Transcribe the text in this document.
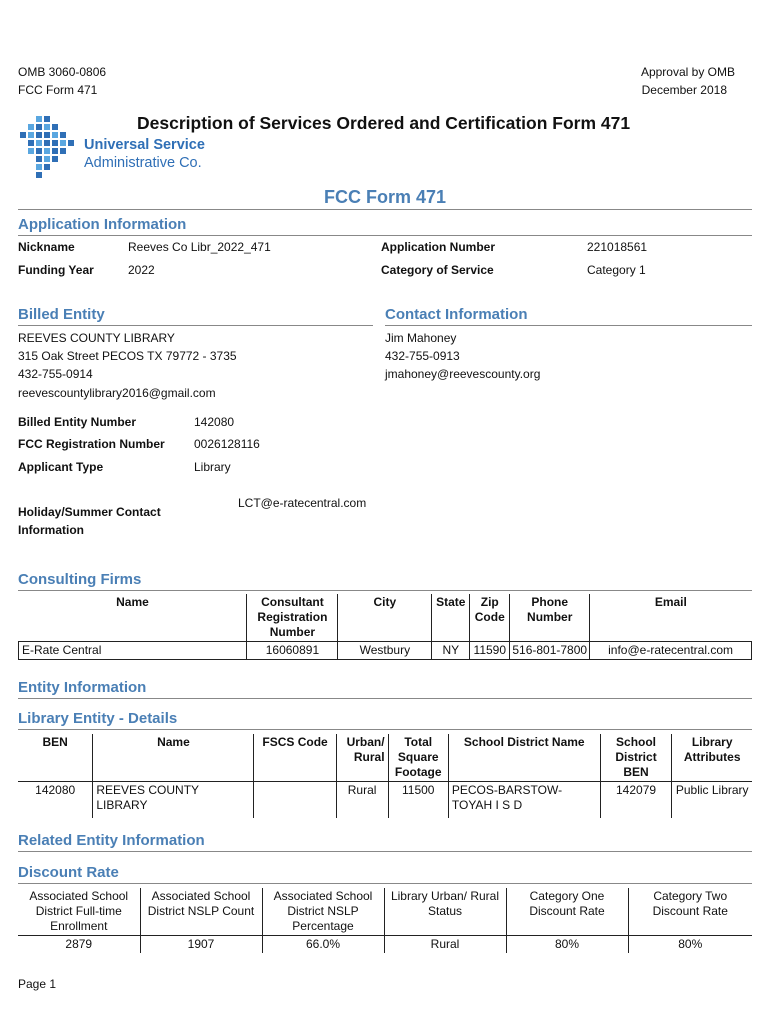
OMB 3060-0806
FCC Form 471
Approval by OMB
December 2018
Universal Service
Administrative Co.
Description of Services Ordered and Certification Form 471
FCC Form 471
Application Information
Nickname	Reeves Co Libr_2022_471	Application Number	221018561
Funding Year	2022	Category of Service	Category 1
Billed Entity	Contact Information
REEVES COUNTY LIBRARY
315 Oak Street PECOS TX 79772 - 3735
432-755-0914
reevescountylibrary2016@gmail.com
Jim Mahoney
432-755-0913
jmahoney@reevescounty.org
Billed Entity Number	142080
FCC Registration Number 0026128116
Applicant Type	Library
LCT@e-ratecentral.com
Holiday/Summer Contact
Information
Consulting Firms
Name	Consultant Registration Number	City	State	Zip Code	Phone Number	Email
E-Rate Central	16060891	Westbury	NY	11590	516-801-7800	info@e-ratecentral.com
Entity Information
Library Entity - Details
BEN	Name	FSCS Code	Urban/ Rural	Total Square Footage	School District Name	School District BEN	Library Attributes
142080	REEVES COUNTY LIBRARY		Rural	11500	PECOS-BARSTOW-TOYAH I S D	142079	Public Library
Related Entity Information
Discount Rate
Associated School District Full-time Enrollment	Associated School District NSLP Count	Associated School District NSLP Percentage	Library Urban/ Rural Status	Category One Discount Rate	Category Two Discount Rate
2879	1907	66.0%	Rural	80%	80%
Page 1
